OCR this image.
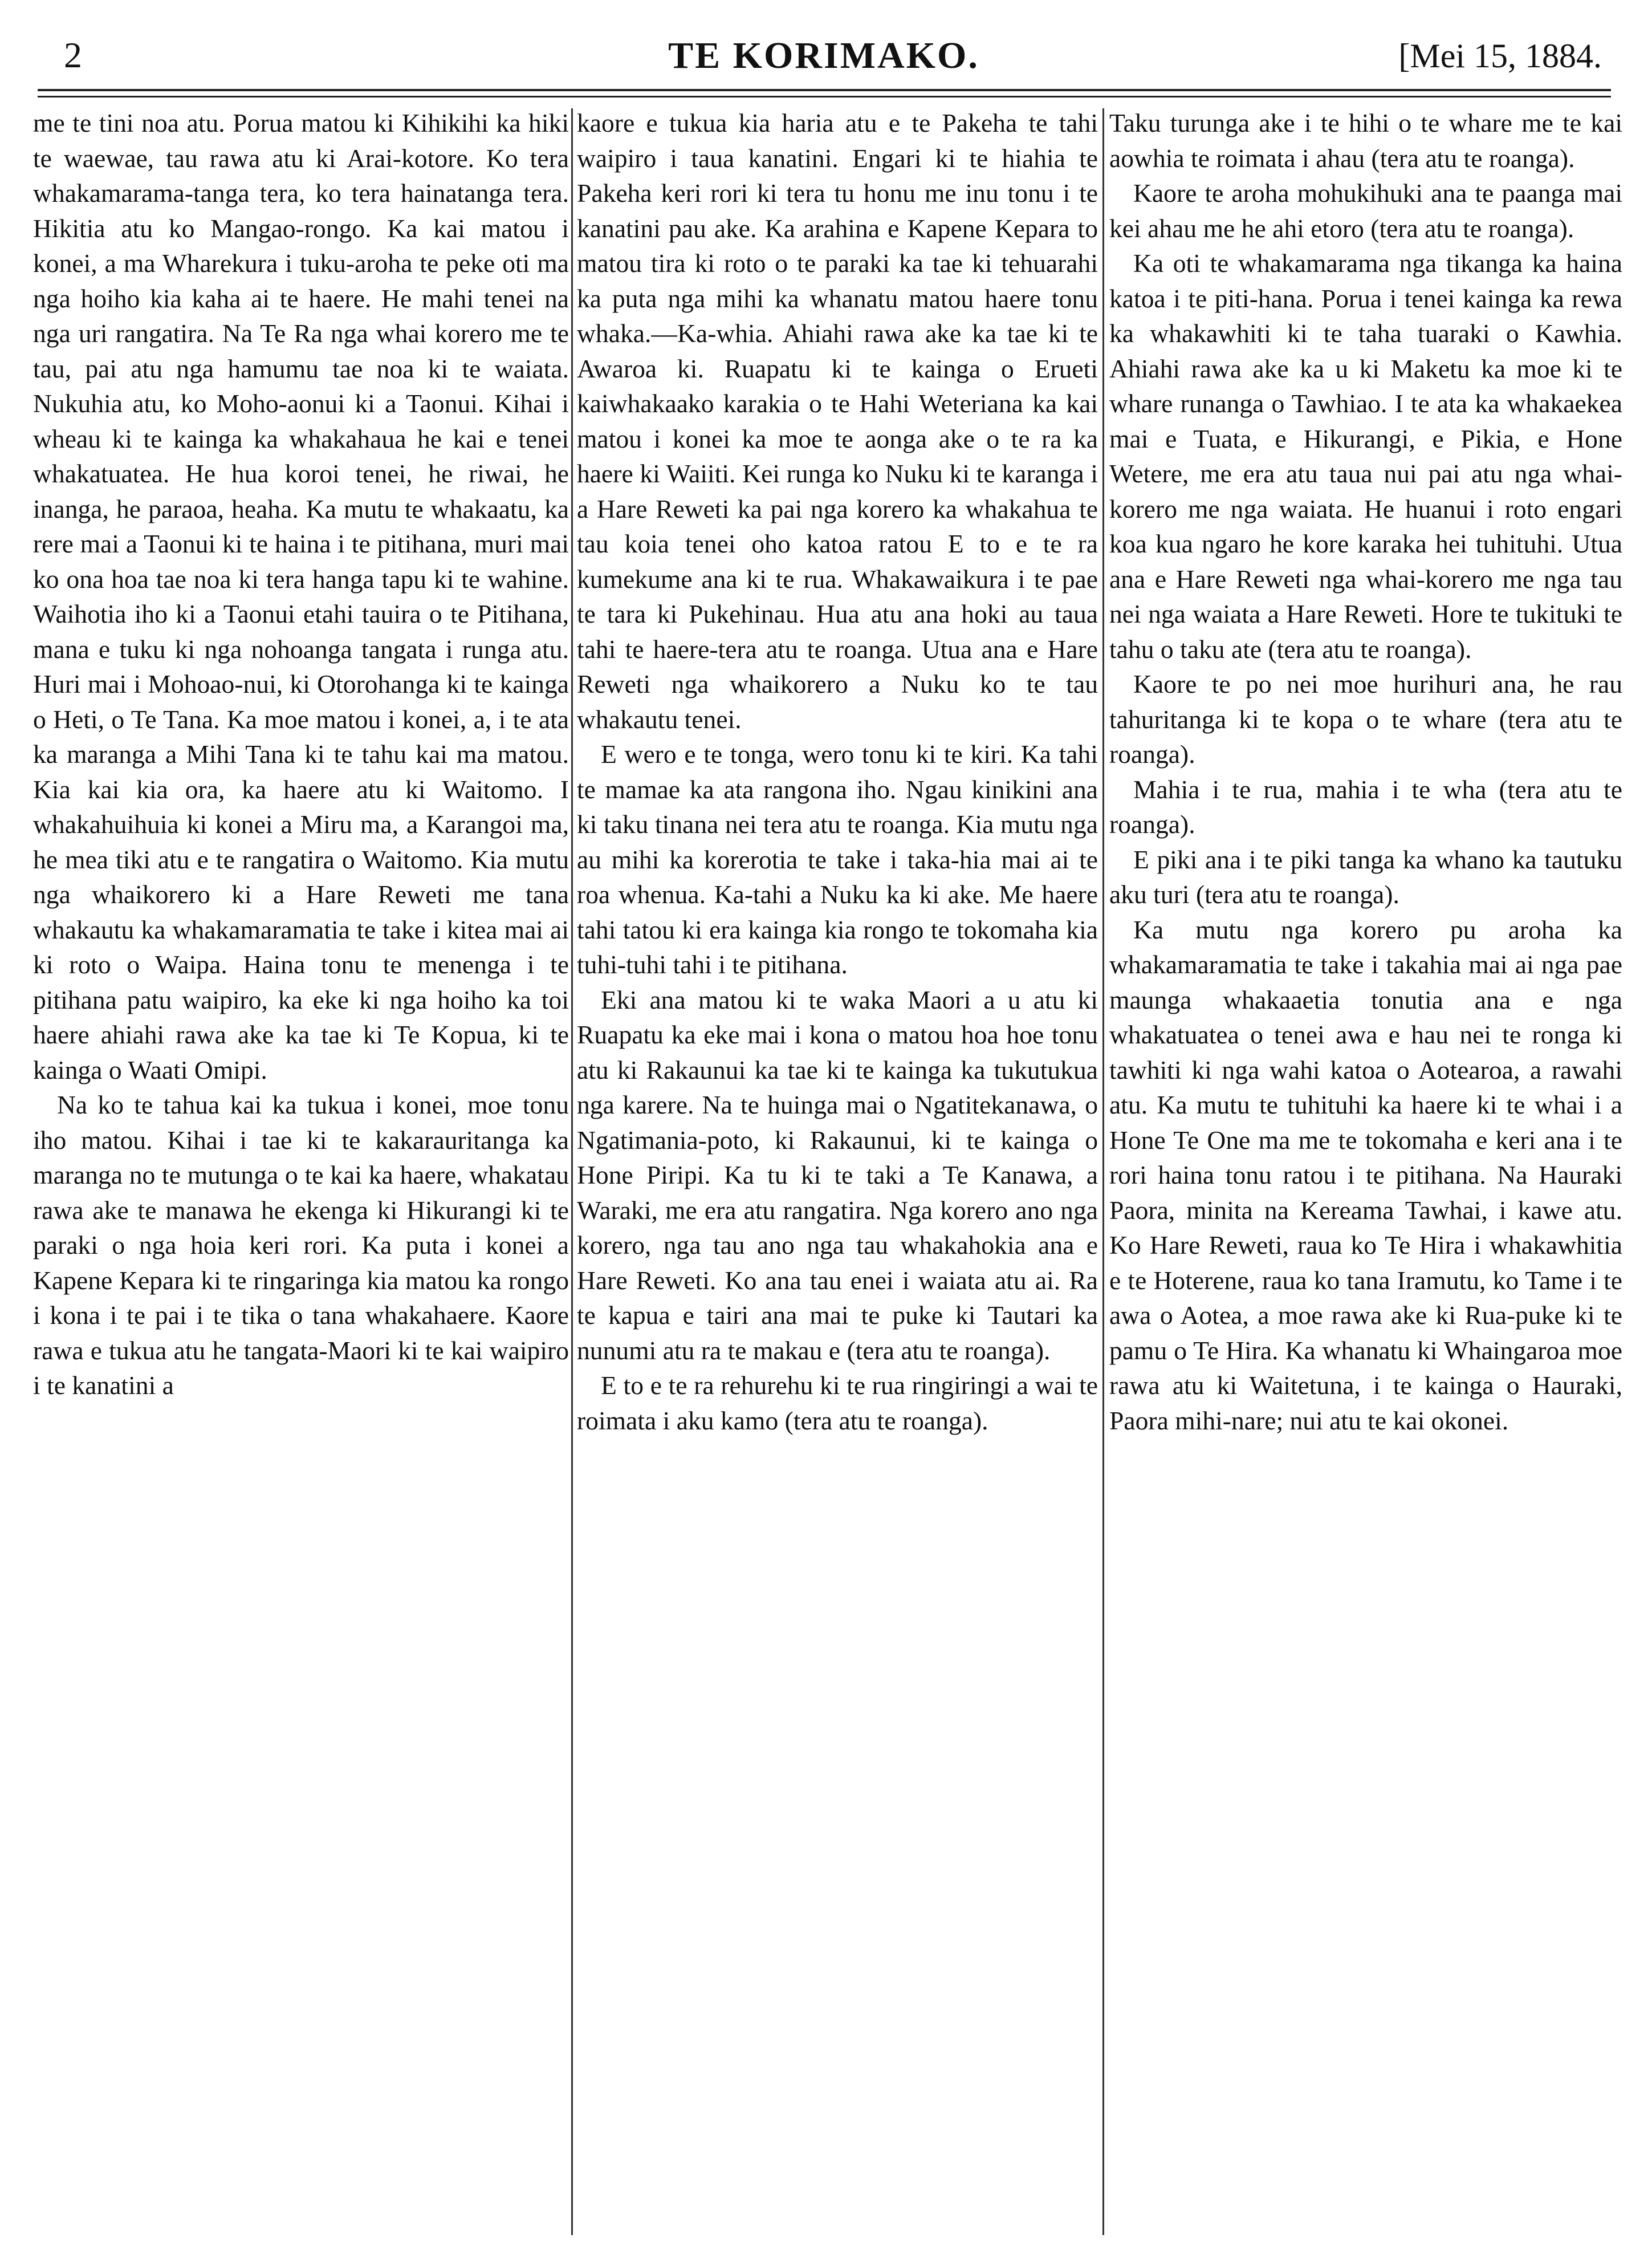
2	TE KORIMAKO.	[Mei 15, 1884.

me te tini noa atu. Porua matou ki Kihikihi ka hiki te waewae, tau rawa atu ki Arai-kotore. Ko tera whakamarama-tanga tera, ko tera hainatanga tera. Hikitia atu ko Mangao-rongo. Ka kai matou i konei, a ma Wharekura i tuku-aroha te peke oti ma nga hoiho kia kaha ai te haere. He mahi tenei na nga uri rangatira. Na Te Ra nga whai korero me te tau, pai atu nga hamumu tae noa ki te waiata. Nukuhia atu, ko Moho-aonui ki a Taonui. Kihai i wheau ki te kainga ka whakahaua he kai e tenei whakatuatea. He hua koroi tenei, he riwai, he inanga, he paraoa, heaha. Ka mutu te whakaatu, ka rere mai a Taonui ki te haina i te pitihana, muri mai ko ona hoa tae noa ki tera hanga tapu ki te wahine. Waihotia iho ki a Taonui etahi tauira o te Pitihana, mana e tuku ki nga nohoanga tangata i runga atu. Huri mai i Mohoao-nui, ki Otorohanga ki te kainga o Heti, o Te Tana. Ka moe matou i konei, a, i te ata ka maranga a Mihi Tana ki te tahu kai ma matou. Kia kai kia ora, ka haere atu ki Waitomo. I whakahuihuia ki konei a Miru ma, a Karangoi ma, he mea tiki atu e te rangatira o Waitomo. Kia mutu nga whaikorero ki a Hare Reweti me tana whakautu ka whakamaramatia te take i kitea mai ai ki roto o Waipa. Haina tonu te menenga i te pitihana patu waipiro, ka eke ki nga hoiho ka toi haere ahiahi rawa ake ka tae ki Te Kopua, ki te kainga o Waati Omipi.

Na ko te tahua kai ka tukua i konei, moe tonu iho matou. Kihai i tae ki te kakarauritanga ka maranga no te mutunga o te kai ka haere, whakatau rawa ake te manawa he ekenga ki Hikurangi ki te paraki o nga hoia keri rori. Ka puta i konei a Kapene Kepara ki te ringaringa kia matou ka rongo i kona i te pai i te tika o tana whakahaere. Kaore rawa e tukua atu he tangata-Maori ki te kai waipiro i te kanatini a

kaore e tukua kia haria atu e te Pakeha te tahi waipiro i taua kanatini. Engari ki te hiahia te Pakeha keri rori ki tera tu honu me inu tonu i te kanatini pau ake. Ka arahina e Kapene Kepara to matou tira ki roto o te paraki ka tae ki tehuarahi ka puta nga mihi ka whanatu matou haere tonu whaka.—Ka-whia. Ahiahi rawa ake ka tae ki te Awaroa ki. Ruapatu ki te kainga o Erueti kaiwhakaako karakia o te Hahi Weteriana ka kai matou i konei ka moe te aonga ake o te ra ka haere ki Waiiti. Kei runga ko Nuku ki te karanga i a Hare Reweti ka pai nga korero ka whakahua te tau koia tenei oho katoa ratou E to e te ra kumekume ana ki te rua. Whakawaikura i te pae te tara ki Pukehinau. Hua atu ana hoki au taua tahi te haere-tera atu te roanga. Utua ana e Hare Reweti nga whaikorero a Nuku ko te tau whakautu tenei.

E wero e te tonga, wero tonu ki te kiri. Ka tahi te mamae ka ata rangona iho. Ngau kinikini ana ki taku tinana nei tera atu te roanga. Kia mutu nga au mihi ka korerotia te take i taka-hia mai ai te roa whenua. Ka-tahi a Nuku ka ki ake. Me haere tahi tatou ki era kainga kia rongo te tokomaha kia tuhi-tuhi tahi i te pitihana.

Eki ana matou ki te waka Maori a u atu ki Ruapatu ka eke mai i kona o matou hoa hoe tonu atu ki Rakaunui ka tae ki te kainga ka tukutukua nga karere. Na te huinga mai o Ngatitekanawa, o Ngatimania-poto, ki Rakaunui, ki te kainga o Hone Piripi. Ka tu ki te taki a Te Kanawa, a Waraki, me era atu rangatira. Nga korero ano nga korero, nga tau ano nga tau whakahokia ana e Hare Reweti. Ko ana tau enei i waiata atu ai. Ra te kapua e tairi ana mai te puke ki Tautari ka nunumi atu ra te makau e (tera atu te roanga).

E to e te ra rehurehu ki te rua ringiringi a wai te roimata i aku kamo (tera atu te roanga).

Taku turunga ake i te hihi o te whare me te kai aowhia te roimata i ahau (tera atu te roanga).

Kaore te aroha mohukihuki ana te paanga mai kei ahau me he ahi etoro (tera atu te roanga).

Ka oti te whakamarama nga tikanga ka haina katoa i te piti-hana. Porua i tenei kainga ka rewa ka whakawhiti ki te taha tuaraki o Kawhia. Ahiahi rawa ake ka u ki Maketu ka moe ki te whare runanga o Tawhiao. I te ata ka whakaekea mai e Tuata, e Hikurangi, e Pikia, e Hone Wetere, me era atu taua nui pai atu nga whai-korero me nga waiata. He huanui i roto engari koa kua ngaro he kore karaka hei tuhituhi. Utua ana e Hare Reweti nga whai-korero me nga tau nei nga waiata a Hare Reweti. Hore te tukituki te tahu o taku ate (tera atu te roanga).

Kaore te po nei moe hurihuri ana, he rau tahuritanga ki te kopa o te whare (tera atu te roanga).

Mahia i te rua, mahia i te wha (tera atu te roanga).

E piki ana i te piki tanga ka whano ka tautuku aku turi (tera atu te roanga).

Ka mutu nga korero pu aroha ka whakamaramatia te take i takahia mai ai nga pae maunga whakaaetia tonutia ana e nga whakatuatea o tenei awa e hau nei te ronga ki tawhiti ki nga wahi katoa o Aotearoa, a rawahi atu. Ka mutu te tuhituhi ka haere ki te whai i a Hone Te One ma me te tokomaha e keri ana i te rori haina tonu ratou i te pitihana. Na Hauraki Paora, minita na Kereama Tawhai, i kawe atu. Ko Hare Reweti, raua ko Te Hira i whakawhitia e te Hoterene, raua ko tana Iramutu, ko Tame i te awa o Aotea, a moe rawa ake ki Rua-puke ki te pamu o Te Hira. Ka whanatu ki Whaingaroa moe rawa atu ki Waitetuna, i te kainga o Hauraki, Paora mihi-nare; nui atu te kai okonei.
